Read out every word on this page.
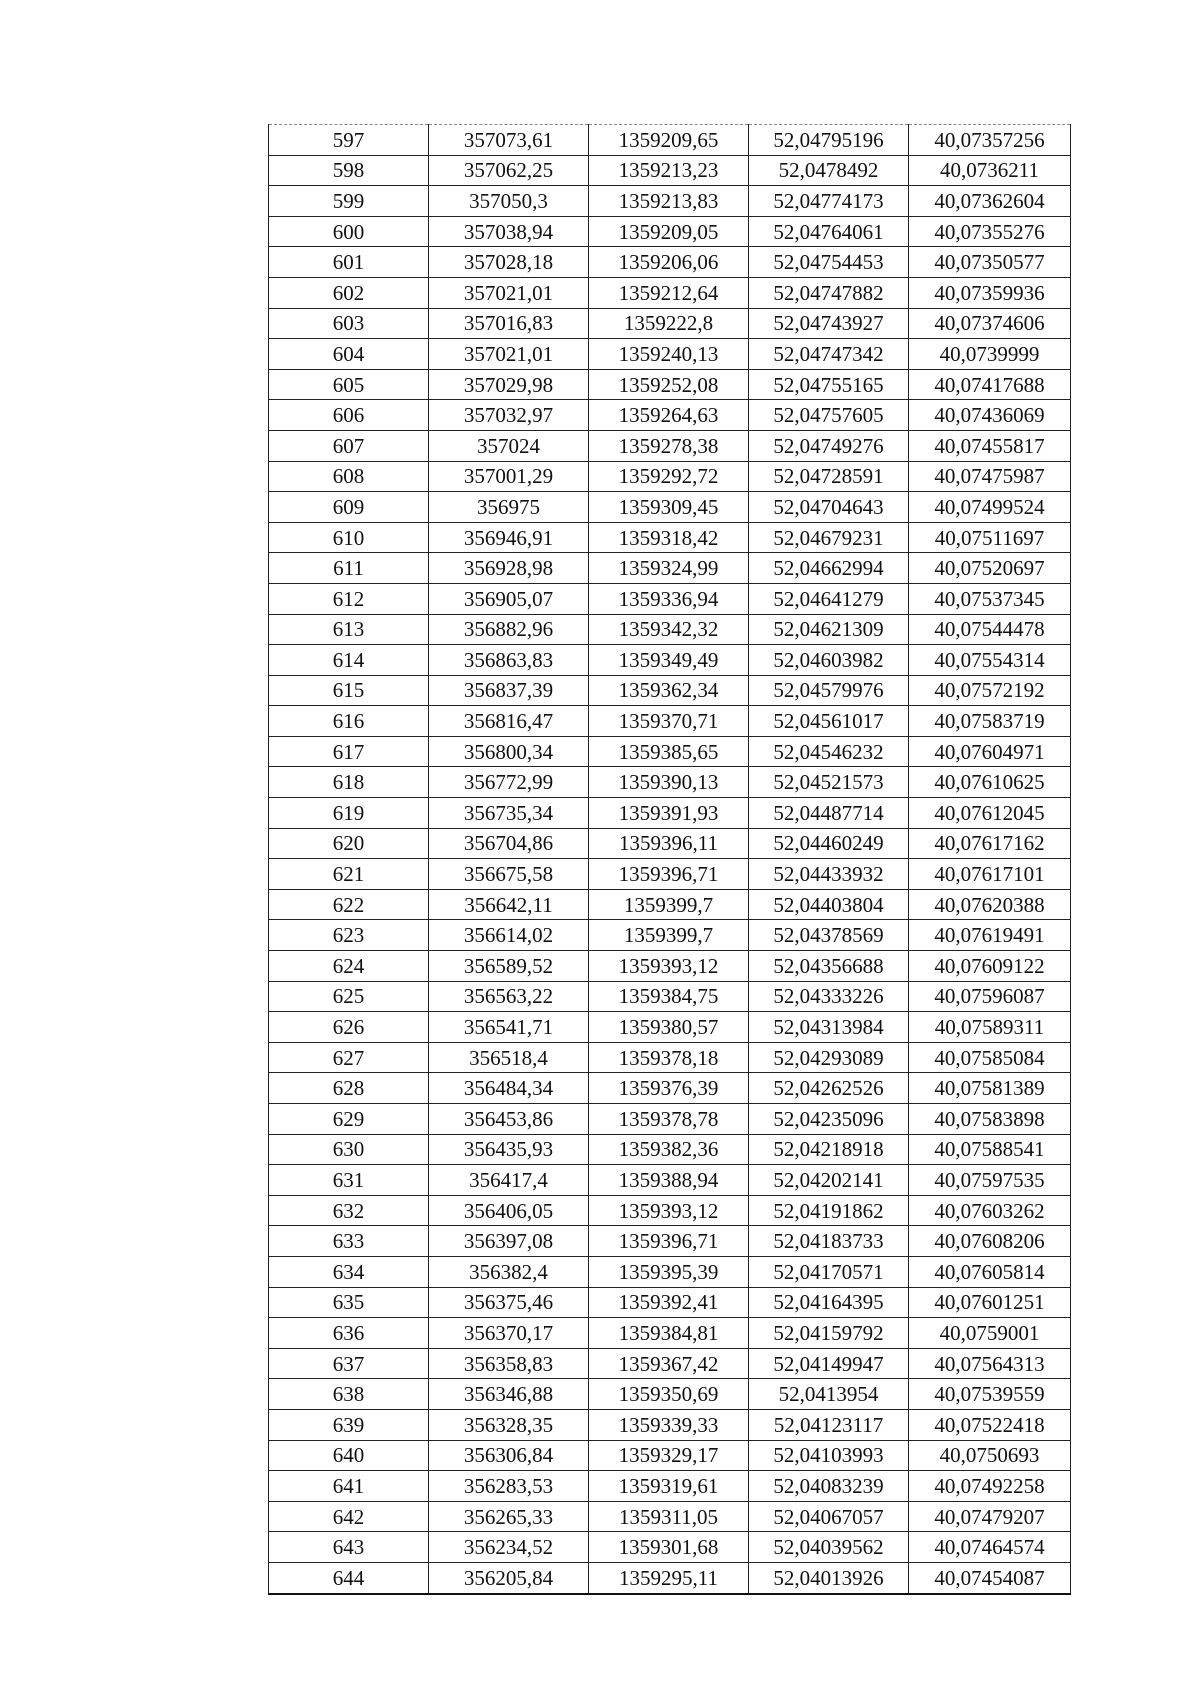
597	357073,61	1359209,65	52,04795196	40,07357256
598	357062,25	1359213,23	52,0478492	40,0736211
599	357050,3	1359213,83	52,04774173	40,07362604
600	357038,94	1359209,05	52,04764061	40,07355276
601	357028,18	1359206,06	52,04754453	40,07350577
602	357021,01	1359212,64	52,04747882	40,07359936
603	357016,83	1359222,8	52,04743927	40,07374606
604	357021,01	1359240,13	52,04747342	40,0739999
605	357029,98	1359252,08	52,04755165	40,07417688
606	357032,97	1359264,63	52,04757605	40,07436069
607	357024	1359278,38	52,04749276	40,07455817
608	357001,29	1359292,72	52,04728591	40,07475987
609	356975	1359309,45	52,04704643	40,07499524
610	356946,91	1359318,42	52,04679231	40,07511697
611	356928,98	1359324,99	52,04662994	40,07520697
612	356905,07	1359336,94	52,04641279	40,07537345
613	356882,96	1359342,32	52,04621309	40,07544478
614	356863,83	1359349,49	52,04603982	40,07554314
615	356837,39	1359362,34	52,04579976	40,07572192
616	356816,47	1359370,71	52,04561017	40,07583719
617	356800,34	1359385,65	52,04546232	40,07604971
618	356772,99	1359390,13	52,04521573	40,07610625
619	356735,34	1359391,93	52,04487714	40,07612045
620	356704,86	1359396,11	52,04460249	40,07617162
621	356675,58	1359396,71	52,04433932	40,07617101
622	356642,11	1359399,7	52,04403804	40,07620388
623	356614,02	1359399,7	52,04378569	40,07619491
624	356589,52	1359393,12	52,04356688	40,07609122
625	356563,22	1359384,75	52,04333226	40,07596087
626	356541,71	1359380,57	52,04313984	40,07589311
627	356518,4	1359378,18	52,04293089	40,07585084
628	356484,34	1359376,39	52,04262526	40,07581389
629	356453,86	1359378,78	52,04235096	40,07583898
630	356435,93	1359382,36	52,04218918	40,07588541
631	356417,4	1359388,94	52,04202141	40,07597535
632	356406,05	1359393,12	52,04191862	40,07603262
633	356397,08	1359396,71	52,04183733	40,07608206
634	356382,4	1359395,39	52,04170571	40,07605814
635	356375,46	1359392,41	52,04164395	40,07601251
636	356370,17	1359384,81	52,04159792	40,0759001
637	356358,83	1359367,42	52,04149947	40,07564313
638	356346,88	1359350,69	52,0413954	40,07539559
639	356328,35	1359339,33	52,04123117	40,07522418
640	356306,84	1359329,17	52,04103993	40,0750693
641	356283,53	1359319,61	52,04083239	40,07492258
642	356265,33	1359311,05	52,04067057	40,07479207
643	356234,52	1359301,68	52,04039562	40,07464574
644	356205,84	1359295,11	52,04013926	40,07454087
